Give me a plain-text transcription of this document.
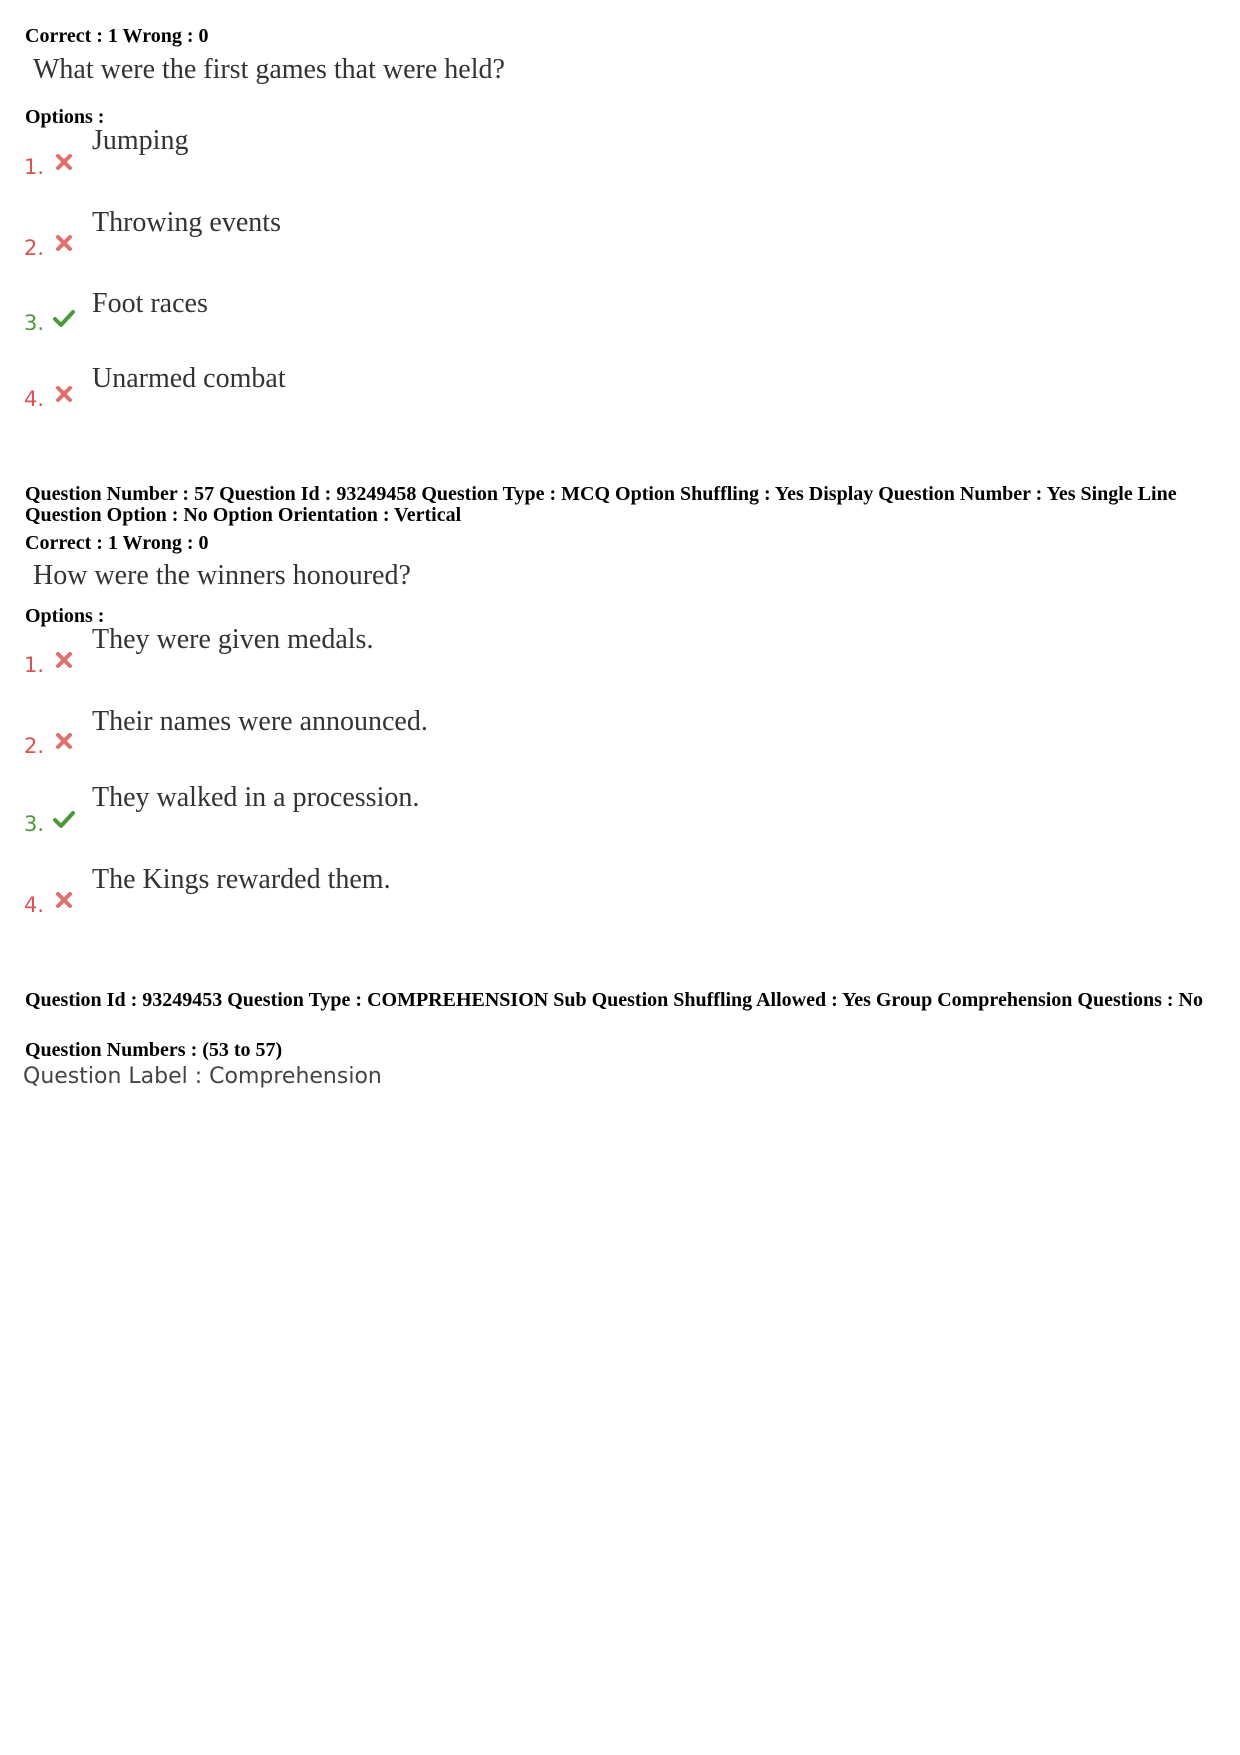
Correct : 1 Wrong : 0
What were the first games that were held?
Options :
1.
Jumping
2.
Throwing events
3.
Foot races
4.
Unarmed combat
Question Number : 57 Question Id : 93249458 Question Type : MCQ Option Shuffling : Yes Display Question Number : Yes Single Line Question Option : No Option Orientation : Vertical
Correct : 1 Wrong : 0
How were the winners honoured?
Options :
1.
They were given medals.
2.
Their names were announced.
3.
They walked in a procession.
4.
The Kings rewarded them.
Question Id : 93249453 Question Type : COMPREHENSION Sub Question Shuffling Allowed : Yes Group Comprehension Questions : No
Question Numbers : (53 to 57)
Question Label : Comprehension
